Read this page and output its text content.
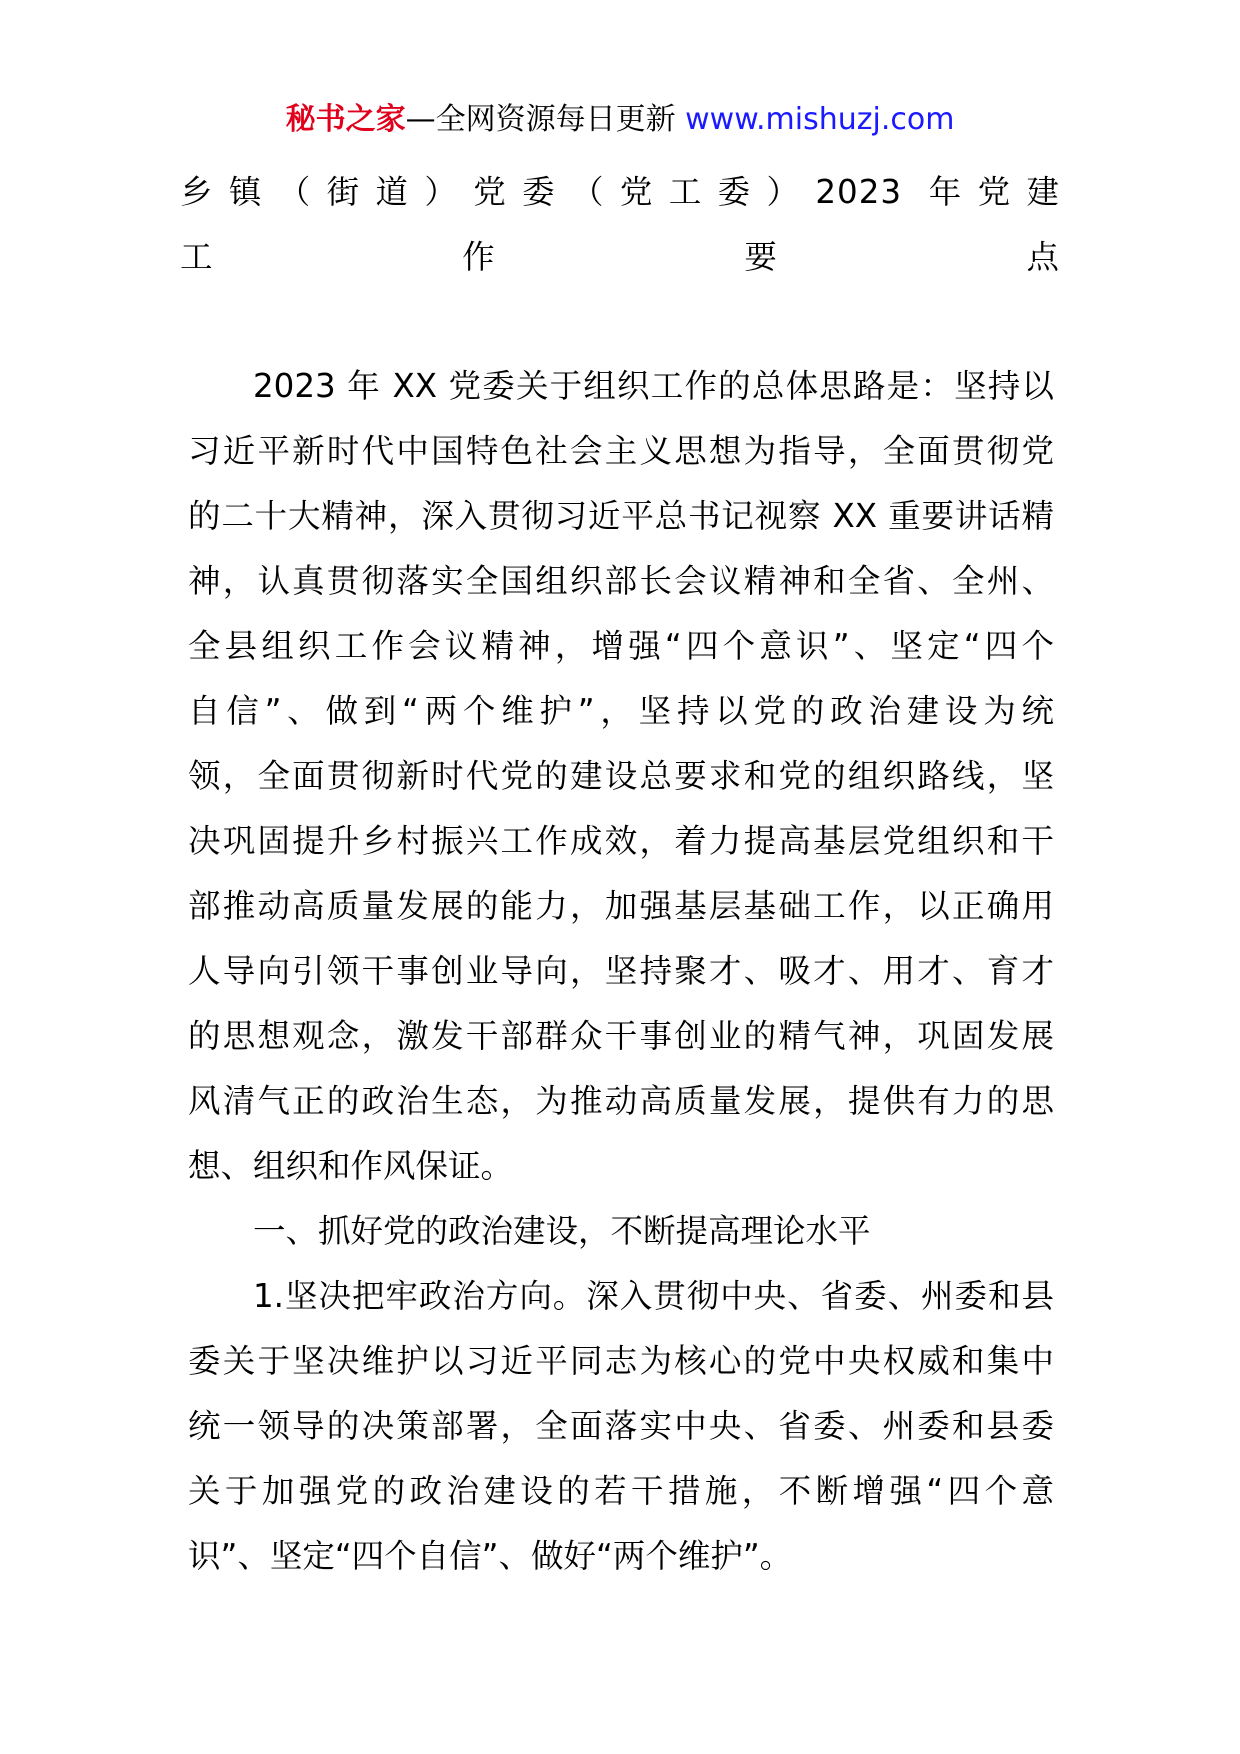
秘书之家—全网资源每日更新 www.mishuzj.com
乡镇（街道）党委（党工委）2023 年党建
工作要点
2023 年 XX 党委关于组织工作的总体思路是：坚持以
习近平新时代中国特色社会主义思想为指导，全面贯彻党
的二十大精神，深入贯彻习近平总书记视察 XX 重要讲话精
神，认真贯彻落实全国组织部长会议精神和全省、全州、
全县组织工作会议精神，增强“四个意识”、坚定“四个
自信”、做到“两个维护”，坚持以党的政治建设为统
领，全面贯彻新时代党的建设总要求和党的组织路线，坚
决巩固提升乡村振兴工作成效，着力提高基层党组织和干
部推动高质量发展的能力，加强基层基础工作，以正确用
人导向引领干事创业导向，坚持聚才、吸才、用才、育才
的思想观念，激发干部群众干事创业的精气神，巩固发展
风清气正的政治生态，为推动高质量发展，提供有力的思
想、组织和作风保证。
一、抓好党的政治建设，不断提高理论水平
1.坚决把牢政治方向。深入贯彻中央、省委、州委和县
委关于坚决维护以习近平同志为核心的党中央权威和集中
统一领导的决策部署，全面落实中央、省委、州委和县委
关于加强党的政治建设的若干措施，不断增强“四个意
识”、坚定“四个自信”、做好“两个维护”。
